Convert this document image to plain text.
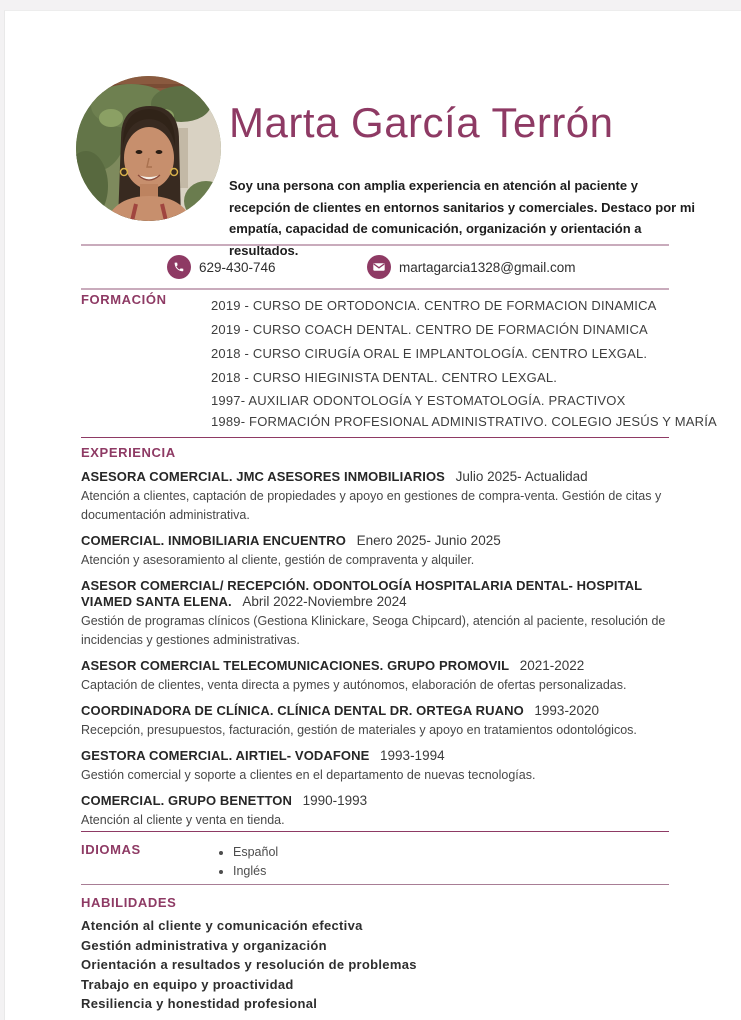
Marta García Terrón

Soy una persona con amplia experiencia en atención al paciente y recepción de clientes en entornos sanitarios y comerciales. Destaco por mi empatía, capacidad de comunicación, organización y orientación a resultados.

629-430-746	martagarcia1328@gmail.com
FORMACIÓN	2019 - CURSO DE ORTODONCIA. CENTRO DE FORMACION DINAMICA
2019 - CURSO COACH DENTAL. CENTRO DE FORMACIÓN DINAMICA
2018 - CURSO CIRUGÍA ORAL E IMPLANTOLOGÍA. CENTRO LEXGAL.
2018 - CURSO HIEGINISTA DENTAL. CENTRO LEXGAL.
1997- AUXILIAR ODONTOLOGÍA Y ESTOMATOLOGÍA. PRACTIVOX
1989- FORMACIÓN PROFESIONAL ADMINISTRATIVO. COLEGIO JESÚS Y MARÍA
EXPERIENCIA
ASESORA COMERCIAL. JMC ASESORES INMOBILIARIOS Julio 2025- Actualidad

Atención a clientes, captación de propiedades y apoyo en gestiones de compra-venta. Gestión de citas y documentación administrativa.

COMERCIAL. INMOBILIARIA ENCUENTRO Enero 2025- Junio 2025

Atención y asesoramiento al cliente, gestión de compraventa y alquiler.

ASESOR COMERCIAL/ RECEPCIÓN. ODONTOLOGÍA HOSPITALARIA DENTAL- HOSPITAL VIAMED SANTA ELENA. Abril 2022-Noviembre 2024

Gestión de programas clínicos (Gestiona Klinickare, Seoga Chipcard), atención al paciente, resolución de incidencias y gestiones administrativas.

ASESOR COMERCIAL TELECOMUNICACIONES. GRUPO PROMOVIL 2021-2022

Captación de clientes, venta directa a pymes y autónomos, elaboración de ofertas personalizadas.

COORDINADORA DE CLÍNICA. CLÍNICA DENTAL DR. ORTEGA RUANO 1993-2020

Recepción, presupuestos, facturación, gestión de materiales y apoyo en tratamientos odontológicos.

GESTORA COMERCIAL. AIRTIEL- VODAFONE 1993-1994

Gestión comercial y soporte a clientes en el departamento de nuevas tecnologías.

COMERCIAL. GRUPO BENETTON 1990-1993

Atención al cliente y venta en tienda.

IDIOMAS	• Español
• Inglés
HABILIDADES
Atención al cliente y comunicación efectiva
Gestión administrativa y organización
Orientación a resultados y resolución de problemas
Trabajo en equipo y proactividad
Resiliencia y honestidad profesional
